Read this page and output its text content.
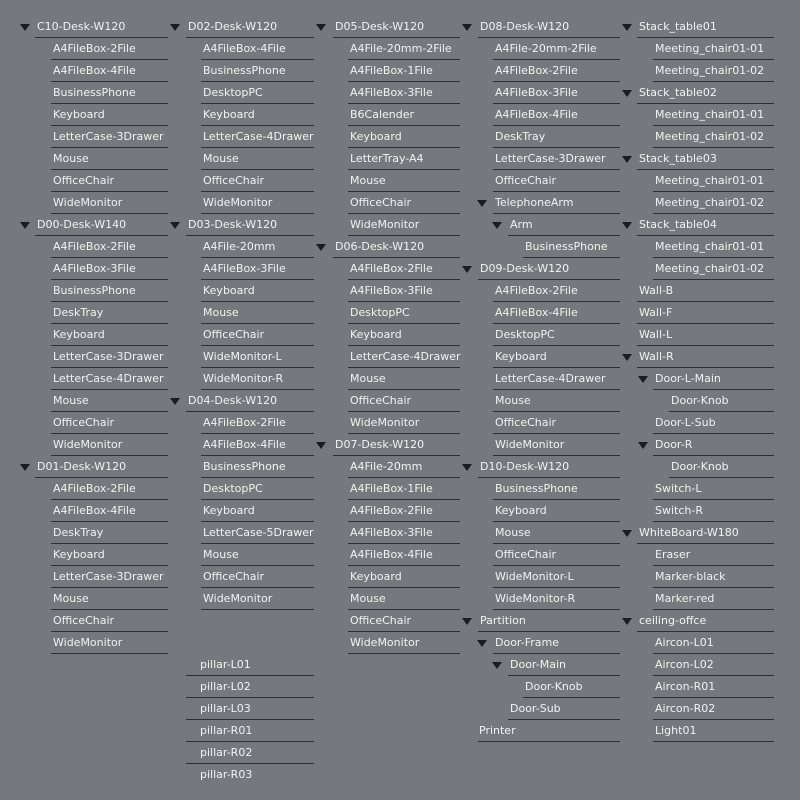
C10-Desk-W120
A4FileBox-2File
A4FileBox-4File
BusinessPhone
Keyboard
LetterCase-3Drawer
Mouse
OfficeChair
WideMonitor
D00-Desk-W140
A4FileBox-2File
A4FileBox-3File
BusinessPhone
DeskTray
Keyboard
LetterCase-3Drawer
LetterCase-4Drawer
Mouse
OfficeChair
WideMonitor
D01-Desk-W120
A4FileBox-2File
A4FileBox-4File
DeskTray
Keyboard
LetterCase-3Drawer
Mouse
OfficeChair
WideMonitor
D02-Desk-W120
A4FileBox-4File
BusinessPhone
DesktopPC
Keyboard
LetterCase-4Drawer
Mouse
OfficeChair
WideMonitor
D03-Desk-W120
A4File-20mm
A4FileBox-3File
Keyboard
Mouse
OfficeChair
WideMonitor-L
WideMonitor-R
D04-Desk-W120
A4FileBox-2File
A4FileBox-4File
BusinessPhone
DesktopPC
Keyboard
LetterCase-5Drawer
Mouse
OfficeChair
WideMonitor
pillar-L01
pillar-L02
pillar-L03
pillar-R01
pillar-R02
pillar-R03
D05-Desk-W120
A4File-20mm-2File
A4FileBox-1File
A4FileBox-3File
B6Calender
Keyboard
LetterTray-A4
Mouse
OfficeChair
WideMonitor
D06-Desk-W120
A4FileBox-2File
A4FileBox-3File
DesktopPC
Keyboard
LetterCase-4Drawer
Mouse
OfficeChair
WideMonitor
D07-Desk-W120
A4File-20mm
A4FileBox-1File
A4FileBox-2File
A4FileBox-3File
A4FileBox-4File
Keyboard
Mouse
OfficeChair
WideMonitor
D08-Desk-W120
A4File-20mm-2File
A4FileBox-2File
A4FileBox-3File
A4FileBox-4File
DeskTray
LetterCase-3Drawer
OfficeChair
TelephoneArm
Arm
BusinessPhone
D09-Desk-W120
A4FileBox-2File
A4FileBox-4File
DesktopPC
Keyboard
LetterCase-4Drawer
Mouse
OfficeChair
WideMonitor
D10-Desk-W120
BusinessPhone
Keyboard
Mouse
OfficeChair
WideMonitor-L
WideMonitor-R
Partition
Door-Frame
Door-Main
Door-Knob
Door-Sub
Printer
Stack_table01
Meeting_chair01-01
Meeting_chair01-02
Stack_table02
Meeting_chair01-01
Meeting_chair01-02
Stack_table03
Meeting_chair01-01
Meeting_chair01-02
Stack_table04
Meeting_chair01-01
Meeting_chair01-02
Wall-B
Wall-F
Wall-L
Wall-R
Door-L-Main
Door-Knob
Door-L-Sub
Door-R
Door-Knob
Switch-L
Switch-R
WhiteBoard-W180
Eraser
Marker-black
Marker-red
ceiling-offce
Aircon-L01
Aircon-L02
Aircon-R01
Aircon-R02
Light01
